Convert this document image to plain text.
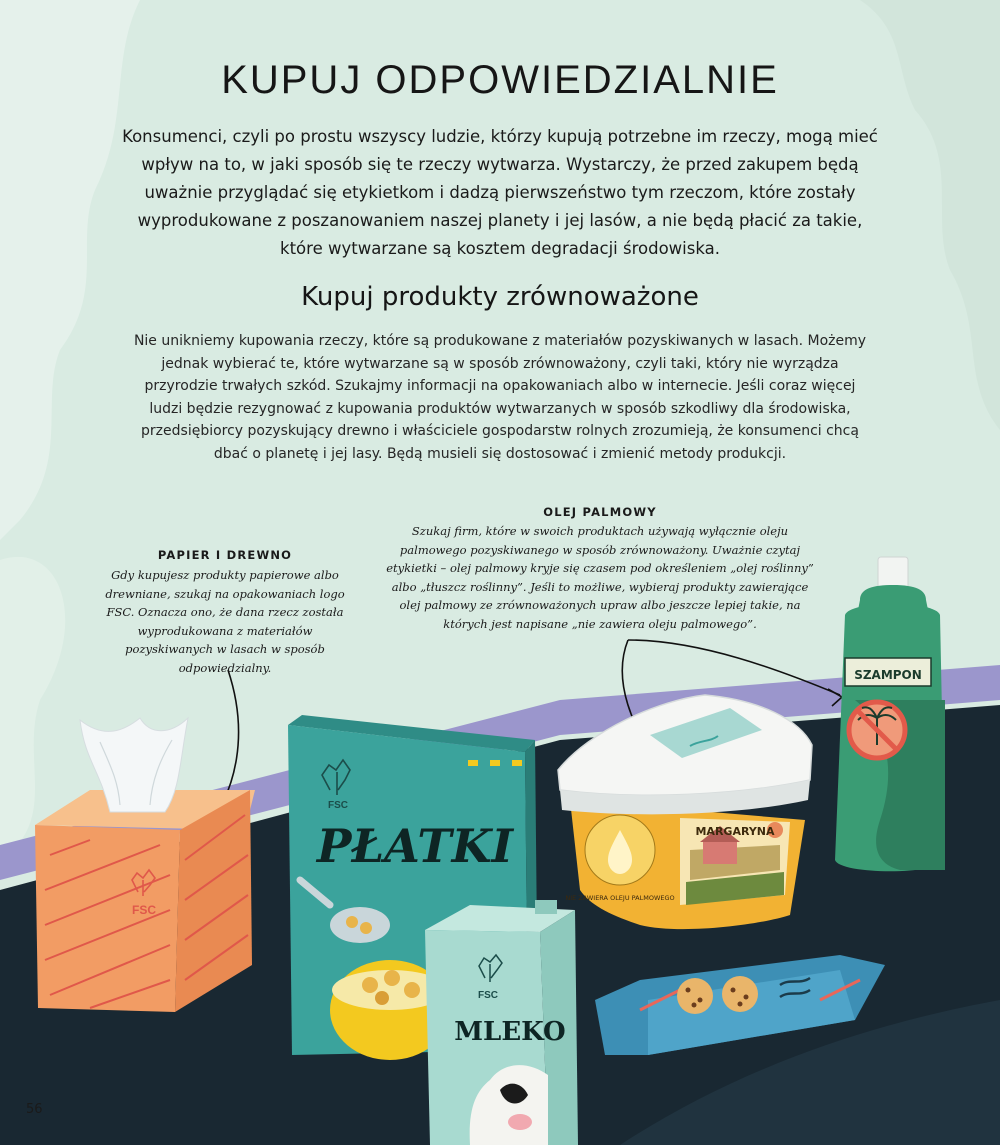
KUPUJ ODPOWIEDZIALNIE

Konsumenci, czyli po prostu wszyscy ludzie, którzy kupują potrzebne im rzeczy, mogą mieć wpływ na to, w jaki sposób się te rzeczy wytwarza. Wystarczy, że przed zakupem będą uważnie przyglądać się etykietkom i dadzą pierwszeństwo tym rzeczom, które zostały wyprodukowane z poszanowaniem naszej planety i jej lasów, a nie będą płacić za takie, które wytwarzane są kosztem degradacji środowiska.

Kupuj produkty zrównoważone

Nie unikniemy kupowania rzeczy, które są produkowane z materiałów pozyskiwanych w lasach. Możemy jednak wybierać te, które wytwarzane są w sposób zrównoważony, czyli taki, który nie wyrządza przyrodzie trwałych szkód. Szukajmy informacji na opakowaniach albo w internecie. Jeśli coraz więcej ludzi będzie rezygnować z kupowania produktów wytwarzanych w sposób szkodliwy dla środowiska, przedsiębiorcy pozyskujący drewno i właściciele gospodarstw rolnych zrozumieją, że konsumenci chcą dbać o planetę i jej lasy. Będą musieli się dostosować i zmienić metody produkcji.

FSC
FSC
PŁATKI
FSC
MLEKO
NIE ZAWIERA OLEJU PALMOWEGO
MARGARYNA
SZAMPON
PAPIER I DREWNO
Gdy kupujesz produkty papierowe albo drewniane, szukaj na opakowaniach logo FSC. Oznacza ono, że dana rzecz została wyprodukowana z materiałów pozyskiwanych w lasach w sposób odpowiedzialny.
OLEJ PALMOWY
Szukaj firm, które w swoich produktach używają wyłącznie oleju palmowego pozyskiwanego w sposób zrównoważony. Uważnie czytaj etykietki – olej palmowy kryje się czasem pod określeniem „olej roślinny” albo „tłuszcz roślinny”. Jeśli to możliwe, wybieraj produkty zawierające olej palmowy ze zrównoważonych upraw albo jeszcze lepiej takie, na których jest napisane „nie zawiera oleju palmowego”.
56
